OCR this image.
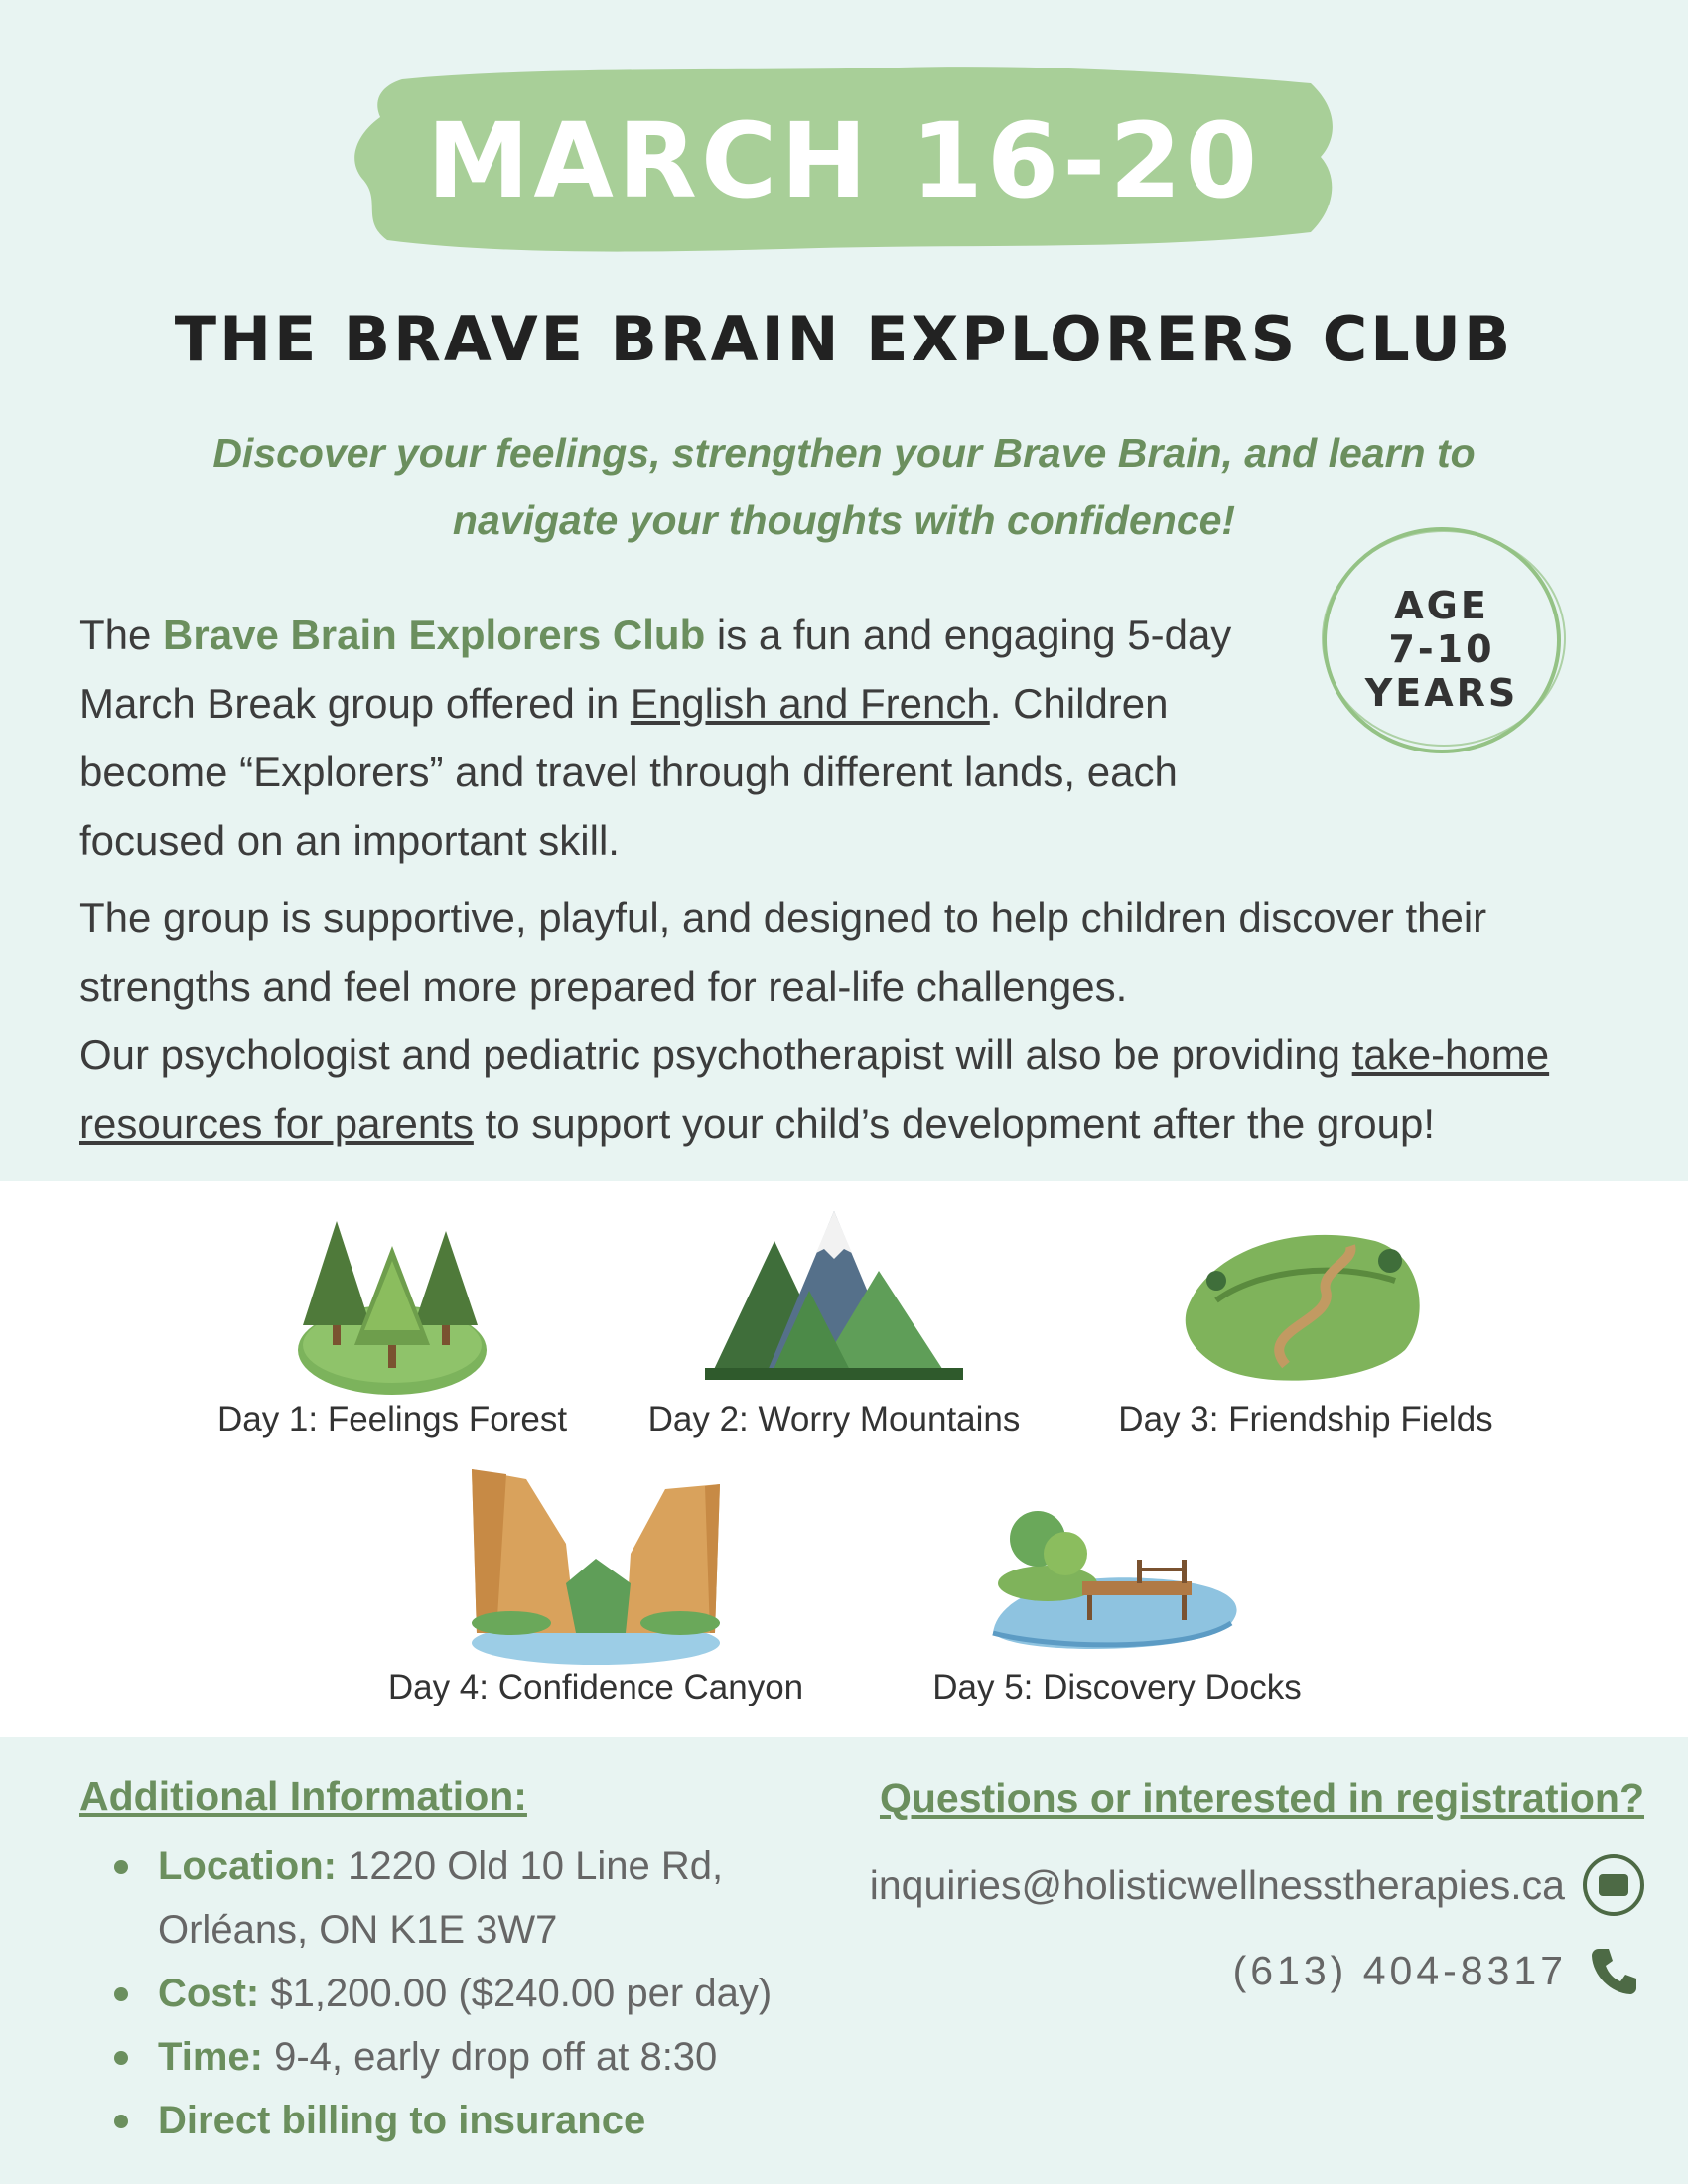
MARCH 16-20
THE BRAVE BRAIN EXPLORERS CLUB
Discover your feelings, strengthen your Brave Brain, and learn to
navigate your thoughts with confidence!
AGE
7-10
YEARS
The Brave Brain Explorers Club is a fun and engaging 5-day March Break group offered in English and French. Children become “Explorers” and travel through different lands, each focused on an important skill.
The group is supportive, playful, and designed to help children discover their strengths and feel more prepared for real-life challenges.
Our psychologist and pediatric psychotherapist will also be providing take-home resources for parents to support your child’s development after the group!
Day 1: Feelings Forest Day 2: Worry Mountains	Day 3: Friendship Fields
Day 4: Confidence Canyon	Day 5: Discovery Docks
Additional Information:
Location: 1220 Old 10 Line Rd, Orléans, ON K1E 3W7
Cost: $1,200.00 ($240.00 per day)
Time: 9-4, early drop off at 8:30
Direct billing to insurance
Questions or interested in registration?
inquiries@holisticwellnesstherapies.ca
(613) 404-8317
